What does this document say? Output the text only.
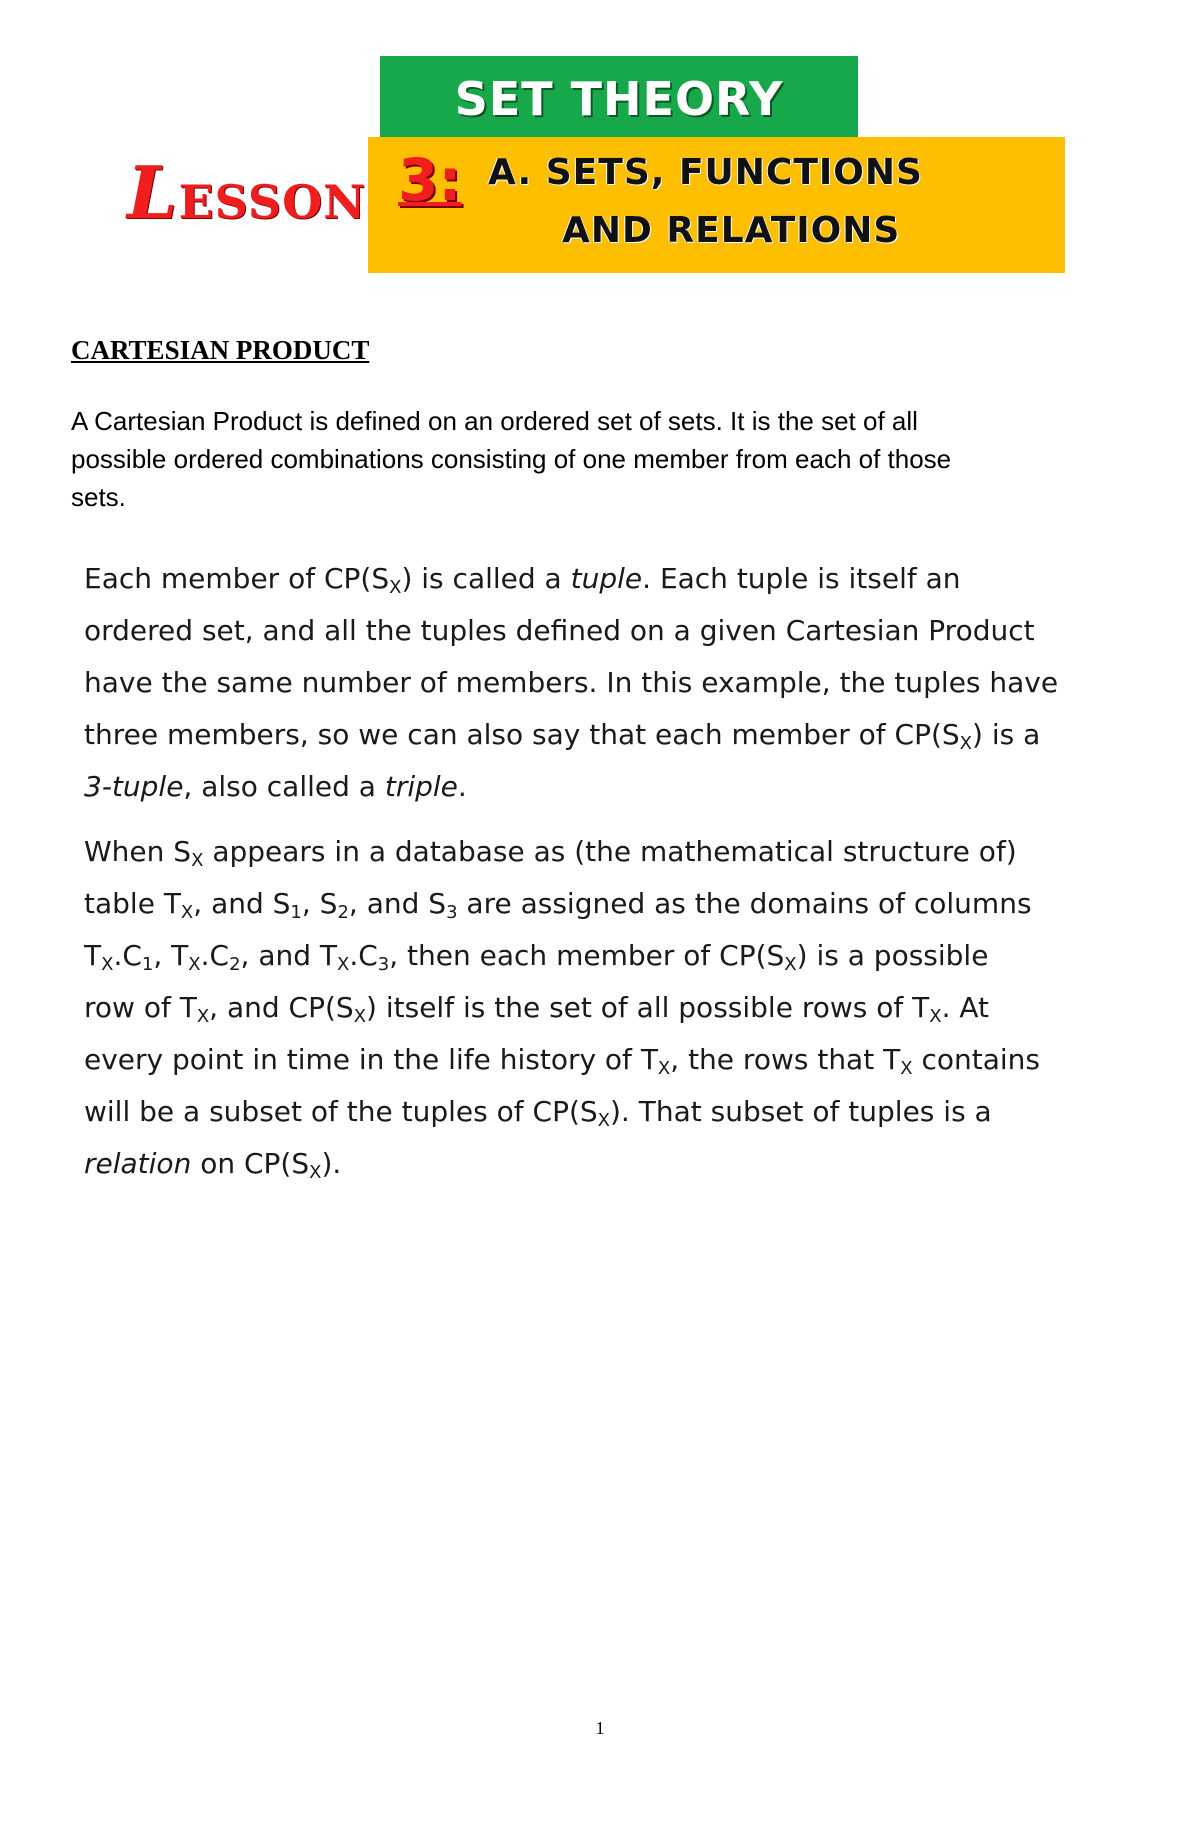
SET THEORY
LESSON 3: A. SETS, FUNCTIONS
AND RELATIONS
CARTESIAN PRODUCT
A Cartesian Product is defined on an ordered set of sets. It is the set of all
possible ordered combinations consisting of one member from each of those
sets.
Each member of $CP(S_X)$ is called a tuple. Each tuple is itself an
ordered set, and all the tuples defined on a given Cartesian Product
have the same number of members. In this example, the tuples have
three members, so we can also say that each member of $CP(S_X)$ is a
3-tuple, also called a triple.
When $S_X$ appears in a database as (the mathematical structure of)
table $T_X$, and $S_1$, $S_2$, and $S_3$ are assigned as the domains of columns
$T_X.C_1$, $T_X.C_2$, and $T_X.C_3$, then each member of $CP(S_X)$ is a possible
row of $T_X$, and $CP(S_X)$ itself is the set of all possible rows of $T_X$. At
every point in time in the life history of $T_X$, the rows that $T_X$ contains
will be a subset of the tuples of $CP(S_X)$. That subset of tuples is a
relation on $CP(S_X)$.
1
